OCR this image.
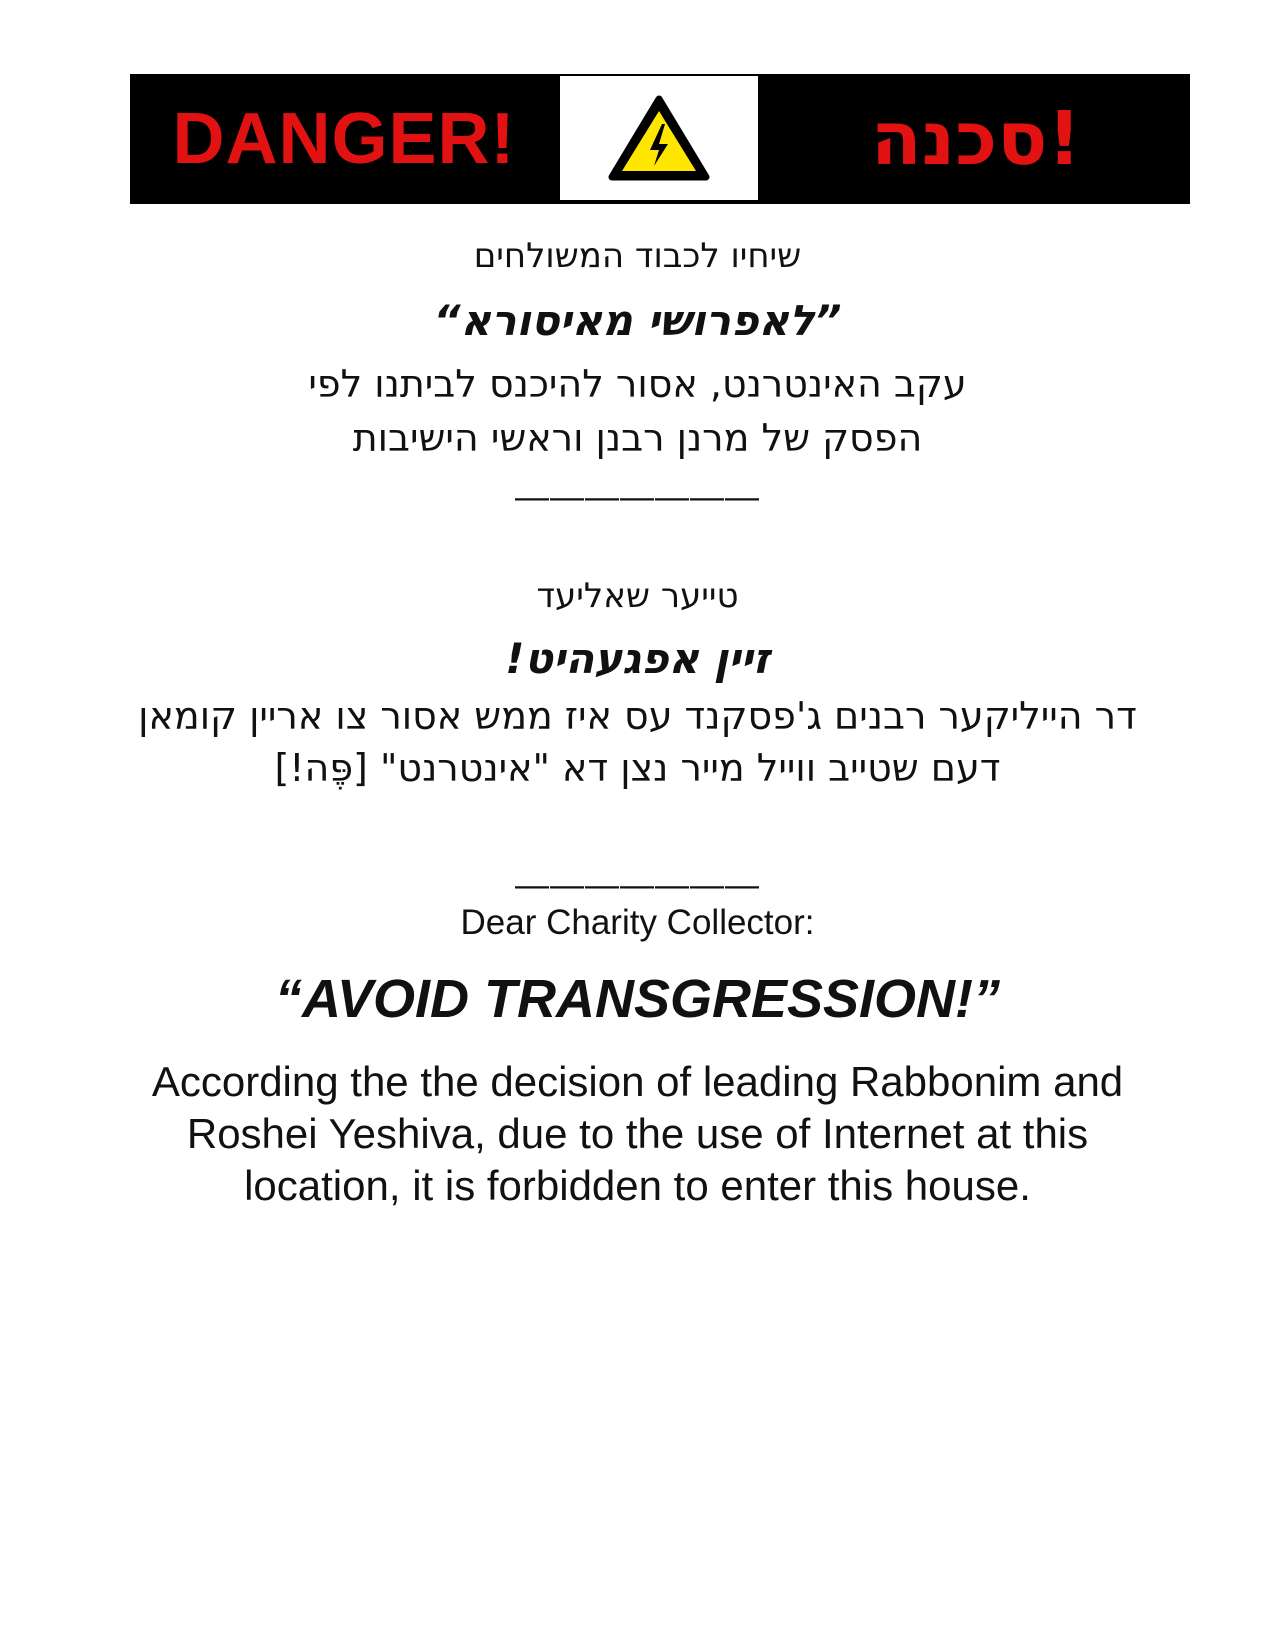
DANGER!	סכנה!
שיחיו לכבוד המשולחים
”לאפרושי מאיסורא“
עקב האינטרנט, אסור להיכנס לביתנו לפי
הפסק של מרנן רבנן וראשי הישיבות
———————
טייער שאליעד
זיין אפגעהיט!
דר הייליקער רבנים ג'פסקנד עס איז ממש אסור צו אריין קומאן
דעם שטייב ווייל מייר נצן דא "אינטרנט" [פֶּה!]
———————
Dear Charity Collector:
“AVOID TRANSGRESSION!”
According the the decision of leading Rabbonim and
Roshei Yeshiva, due to the use of Internet at this
location, it is forbidden to enter this house.
